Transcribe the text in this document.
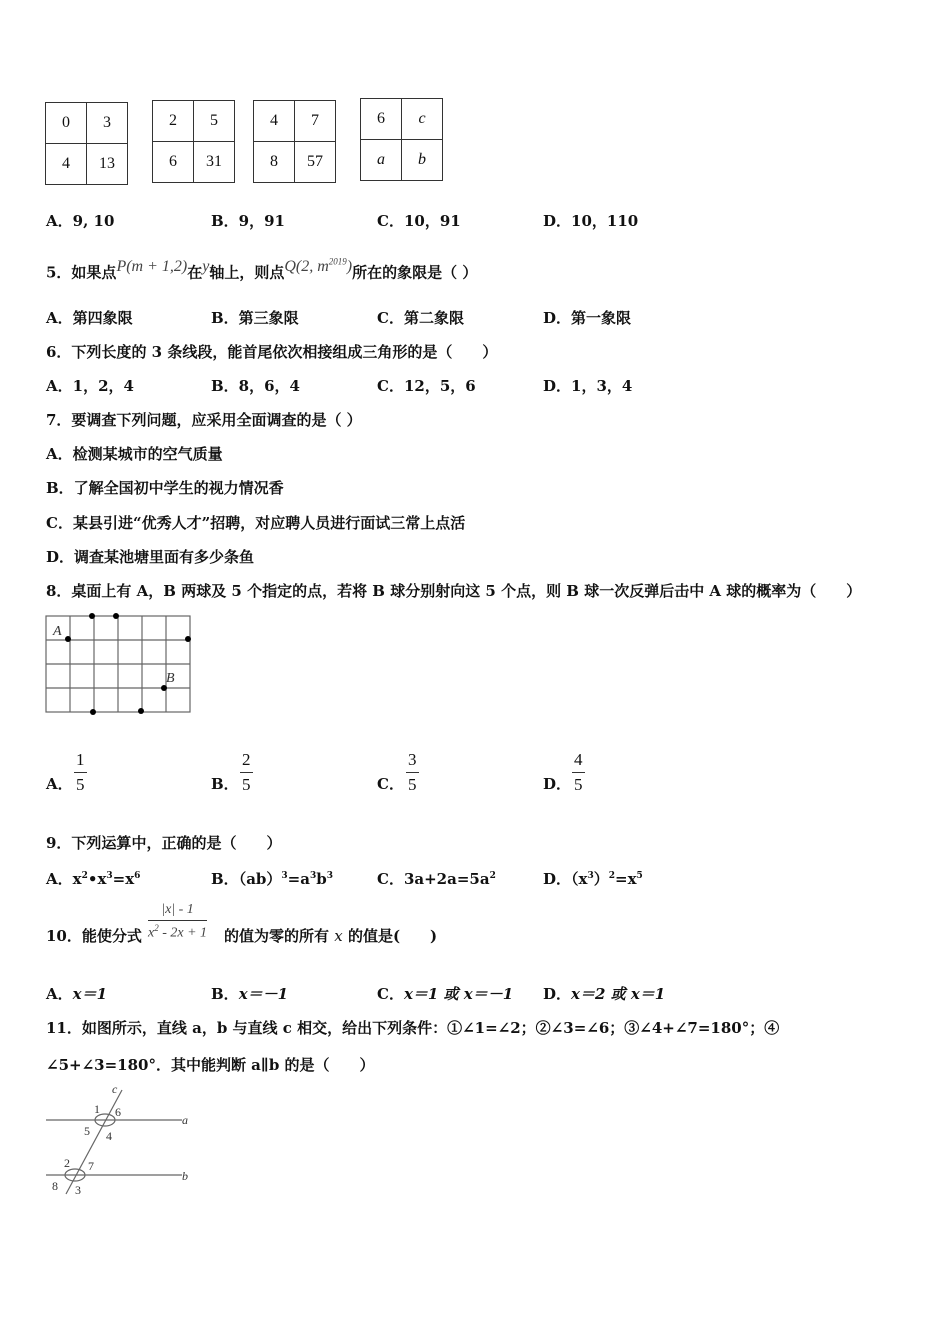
0	3
4	13
2	5
6	31
4	7
8	57
6	c
a	b
A．9, 10	B．9，91	C．10，91	D．10，110
5．如果点P(m + 1,2)在y轴上，则点Q(2, $m^{2019}$)所在的象限是（ ）
A．第四象限	B．第三象限	C．第二象限	D．第一象限
6．下列长度的 3 条线段，能首尾依次相接组成三角形的是（　　）
A．1，2，4	B．8，6，4	C．12，5，6	D．1，3，4
7．要调查下列问题，应采用全面调查的是（ ）
A．检测某城市的空气质量
B．了解全国初中学生的视力情况香
C．某县引进“优秀人才”招聘，对应聘人员进行面试三常上点活
D．调查某池塘里面有多少条鱼
8．桌面上有 A，B 两球及 5 个指定的点，若将 B 球分别射向这 5 个点，则 B 球一次反弹后击中 A 球的概率为（　　）
A
B
A． $\frac{1}{5}$	B． $\frac{2}{5}$	C． $\frac{3}{5}$	D． $\frac{4}{5}$
9．下列运算中，正确的是（　　）
A．$x^2•x^3=x^6$	B．$(ab)^3=a^3b^3$	C．$3a+2a=5a^2$	D．$(x^3)^2=x^5$
10．能使分式 $\frac{|x| - 1}{x^2 - 2x + 1}$ 的值为零的所有 x 的值是(　　)
A．x＝1	B．x＝－1	C．x＝1 或 x＝－1 D．x＝2 或 x＝1
11．如图所示，直线 a，b 与直线 c 相交，给出下列条件：①∠1=∠2；②∠3=∠6；③∠4+∠7=180°；④
∠5+∠3=180°．其中能判断 a∥b 的是（　　）
c
a
b
1 6
5 4
2 7
8 3
